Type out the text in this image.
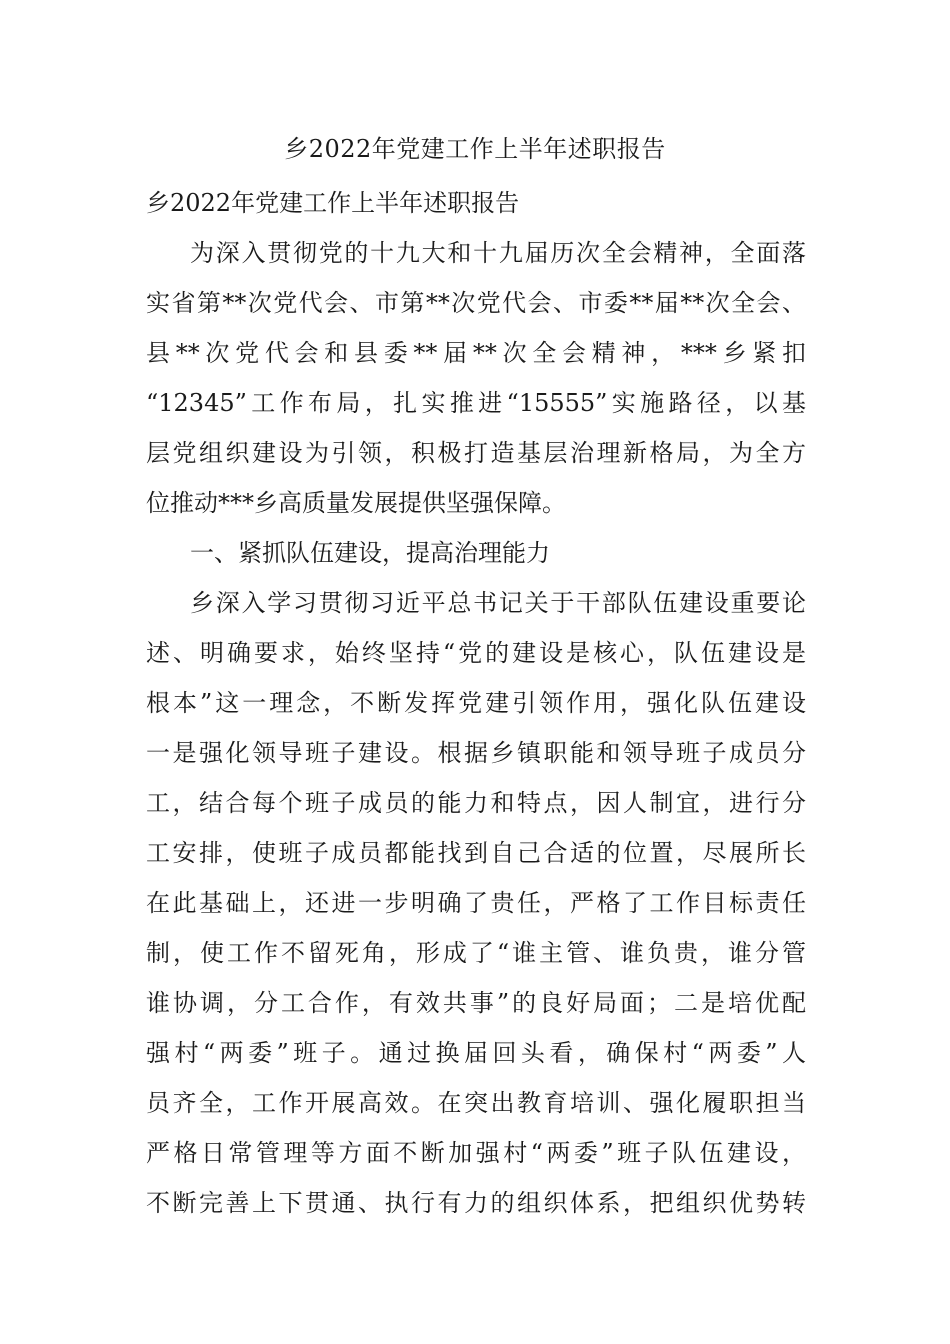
乡2022年党建工作上半年述职报告
乡2022年党建工作上半年述职报告
为深入贯彻党的十九大和十九届历次全会精神，全面落
实省第**次党代会、市第**次党代会、市委**届**次全会、
县**次党代会和县委**届**次全会精神，***乡紧扣
“12345”工作布局，扎实推进“15555”实施路径，以基
层党组织建设为引领，积极打造基层治理新格局，为全方
位推动***乡高质量发展提供坚强保障。
一、紧抓队伍建设，提高治理能力
乡深入学习贯彻习近平总书记关于干部队伍建设重要论
述、明确要求，始终坚持“党的建设是核心，队伍建设是
根本”这一理念，不断发挥党建引领作用，强化队伍建设
一是强化领导班子建设。根据乡镇职能和领导班子成员分
工，结合每个班子成员的能力和特点，因人制宜，进行分
工安排，使班子成员都能找到自己合适的位置，尽展所长
在此基础上，还进一步明确了贵任，严格了工作目标责任
制，使工作不留死角，形成了“谁主管、谁负贵，谁分管
谁协调，分工合作，有效共事”的良好局面；二是培优配
强村“两委”班子。通过换届回头看，确保村“两委”人
员齐全，工作开展高效。在突出教育培训、强化履职担当
严格日常管理等方面不断加强村“两委”班子队伍建设，
不断完善上下贯通、执行有力的组织体系，把组织优势转
